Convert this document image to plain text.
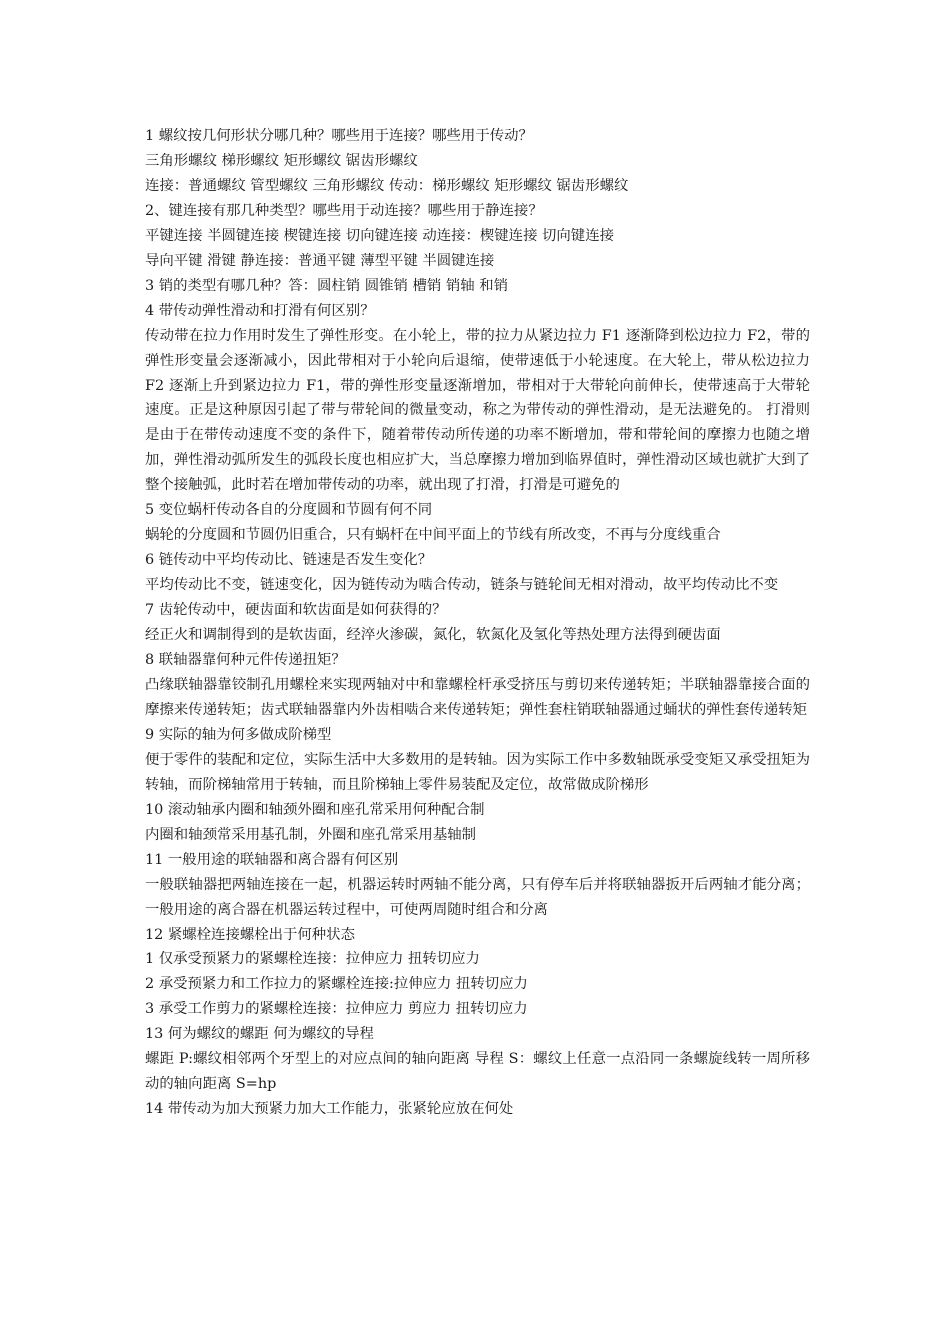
1 螺纹按几何形状分哪几种？哪些用于连接？哪些用于传动？

三角形螺纹 梯形螺纹 矩形螺纹 锯齿形螺纹

连接：普通螺纹 管型螺纹 三角形螺纹 传动：梯形螺纹 矩形螺纹 锯齿形螺纹

2、键连接有那几种类型？哪些用于动连接？哪些用于静连接？

平键连接 半圆键连接 楔键连接 切向键连接 动连接：楔键连接 切向键连接

导向平键 滑键 静连接：普通平键 薄型平键 半圆键连接

3 销的类型有哪几种？答：圆柱销 圆锥销 槽销 销轴 和销

4 带传动弹性滑动和打滑有何区别？

传动带在拉力作用时发生了弹性形变。在小轮上，带的拉力从紧边拉力 F1 逐渐降到松边拉力 F2，带的弹性形变量会逐渐减小，因此带相对于小轮向后退缩，使带速低于小轮速度。在大轮上，带从松边拉力 F2 逐渐上升到紧边拉力 F1，带的弹性形变量逐渐增加，带相对于大带轮向前伸长，使带速高于大带轮速度。正是这种原因引起了带与带轮间的微量变动，称之为带传动的弹性滑动，是无法避免的。 打滑则是由于在带传动速度不变的条件下，随着带传动所传递的功率不断增加，带和带轮间的摩擦力也随之增加，弹性滑动弧所发生的弧段长度也相应扩大，当总摩擦力增加到临界值时，弹性滑动区域也就扩大到了整个接触弧，此时若在增加带传动的功率，就出现了打滑，打滑是可避免的

5 变位蜗杆传动各自的分度圆和节圆有何不同

蜗轮的分度圆和节圆仍旧重合，只有蜗杆在中间平面上的节线有所改变，不再与分度线重合

6 链传动中平均传动比、链速是否发生变化？

平均传动比不变，链速变化，因为链传动为啮合传动，链条与链轮间无相对滑动，故平均传动比不变

7 齿轮传动中，硬齿面和软齿面是如何获得的？

经正火和调制得到的是软齿面，经淬火渗碳，氮化，软氮化及氢化等热处理方法得到硬齿面

8 联轴器靠何种元件传递扭矩？

凸缘联轴器靠铰制孔用螺栓来实现两轴对中和靠螺栓杆承受挤压与剪切来传递转矩；半联轴器靠接合面的摩擦来传递转矩；齿式联轴器靠内外齿相啮合来传递转矩；弹性套柱销联轴器通过蛹状的弹性套传递转矩

9 实际的轴为何多做成阶梯型

便于零件的装配和定位，实际生活中大多数用的是转轴。因为实际工作中多数轴既承受变矩又承受扭矩为转轴，而阶梯轴常用于转轴，而且阶梯轴上零件易装配及定位，故常做成阶梯形

10 滚动轴承内圈和轴颈外圈和座孔常采用何种配合制

内圈和轴颈常采用基孔制，外圈和座孔常采用基轴制

11 一般用途的联轴器和离合器有何区别

一般联轴器把两轴连接在一起，机器运转时两轴不能分离，只有停车后并将联轴器扳开后两轴才能分离；一般用途的离合器在机器运转过程中，可使两周随时组合和分离

12 紧螺栓连接螺栓出于何种状态

1 仅承受预紧力的紧螺栓连接：拉伸应力 扭转切应力

2 承受预紧力和工作拉力的紧螺栓连接:拉伸应力 扭转切应力

3 承受工作剪力的紧螺栓连接：拉伸应力 剪应力 扭转切应力

13 何为螺纹的螺距 何为螺纹的导程

螺距 P:螺纹相邻两个牙型上的对应点间的轴向距离 导程 S：螺纹上任意一点沿同一条螺旋线转一周所移动的轴向距离 S=hp

14 带传动为加大预紧力加大工作能力，张紧轮应放在何处
